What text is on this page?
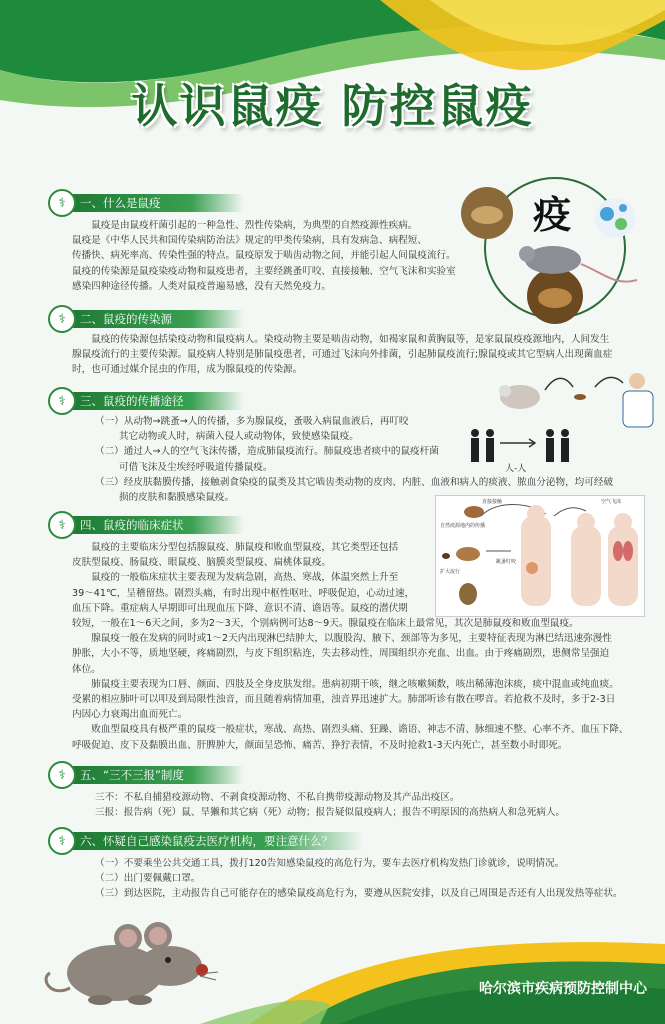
认识鼠疫 防控鼠疫
⚕	一、什么是鼠疫

鼠疫是由鼠疫杆菌引起的一种急性、烈性传染病，为典型的自然疫源性疾病。

鼠疫是《中华人民共和国传染病防治法》规定的甲类传染病，具有发病急、病程短、

传播快、病死率高、传染性强的特点。鼠疫原发于啮齿动物之间，并能引起人间鼠疫流行。

鼠疫的传染源是鼠疫染疫动物和鼠疫患者，主要经跳蚤叮咬、直接接触、空气飞沫和实验室

感染四种途径传播。人类对鼠疫普遍易感，没有天然免疫力。

疫
⚕	二、鼠疫的传染源

鼠疫的传染源包括染疫动物和鼠疫病人。染疫动物主要是啮齿动物，如褐家鼠和黄胸鼠等，是家鼠鼠疫疫源地内，人间发生

腺鼠疫流行的主要传染源。鼠疫病人特别是肺鼠疫患者，可通过飞沫向外排菌，引起肺鼠疫流行;腺鼠疫或其它型病人出现菌血症

时，也可通过媒介昆虫的作用，成为腺鼠疫的传染源。

⚕	三、鼠疫的传播途径

（一）从动物→跳蚤→人的传播，多为腺鼠疫，蚤吸入病鼠血液后，再叮咬

其它动物或人时，病菌入侵人或动物体，致使感染鼠疫。

（二）通过人→人的空气飞沫传播，造成肺鼠疫流行。肺鼠疫患者痰中的鼠疫杆菌

可借飞沫及尘埃经呼吸道传播鼠疫。

（三）经皮肤黏膜传播，接触剥食染疫的鼠类及其它啮齿类动物的皮肉、内脏、血液和病人的痰液、脓血分泌物，均可经破

损的皮肤和黏膜感染鼠疫。

人-人
⚕	四、鼠疫的临床症状

鼠疫的主要临床分型包括腺鼠疫、肺鼠疫和败血型鼠疫，其它类型还包括

皮肤型鼠疫、肠鼠疫、眼鼠疫、脑膜炎型鼠疫、扁桃体鼠疫。

鼠疫的一般临床症状主要表现为发病急剧，高热、寒战，体温突然上升至

39～41℃，呈稽留热。剧烈头痛，有时出现中枢性呕吐、呼吸促迫，心动过速，

血压下降。重症病人早期即可出现血压下降、意识不清、谵语等。鼠疫的潜伏期

较短，一般在1～6天之间，多为2～3天，个别病例可达8～9天。腺鼠疫在临床上最常见，其次是肺鼠疫和败血型鼠疫。

腺鼠疫一般在发病的同时或1～2天内出现淋巴结肿大，以腹股沟、腋下、颈部等为多见，主要特征表现为淋巴结迅速弥漫性

肿胀，大小不等，质地坚硬，疼痛剧烈，与皮下组织粘连，失去移动性，周围组织亦充血、出血。由于疼痛剧烈，患侧常呈强迫

体位。

肺鼠疫主要表现为口唇、颜面、四肢及全身皮肤发绀。患病初期干咳，继之咳嗽频数，咳出稀薄泡沫痰，痰中混血或纯血痰。

受累的相应肺叶可以叩及到局限性浊音，而且随着病情加重，浊音界迅速扩大。肺部听诊有散在啰音。若抢救不及时，多于2-3日

内因心力衰竭出血而死亡。

败血型鼠疫具有极严重的鼠疫一般症状，寒战、高热、剧烈头痛、狂躁、谵语、神志不清、脉细速不整、心率不齐、血压下降、

呼吸促迫、皮下及黏膜出血、肝脾肿大，颜面呈恐怖、痛苦、狰狞表情，不及时抢救1-3天内死亡，甚至数小时即死。

直接接触
自然疫源地内的传播
扩大流行
空气飞沫
跳蚤叮咬
⚕	五、“三不三报”制度

三不：不私自捕猎疫源动物、不剥食疫源动物、不私自携带疫源动物及其产品出疫区。

三报：报告病（死）鼠、旱獭和其它病（死）动物；报告疑似鼠疫病人；报告不明原因的高热病人和急死病人。

⚕	六、怀疑自己感染鼠疫去医疗机构，要注意什么？

（一）不要乘坐公共交通工具，拨打120告知感染鼠疫的高危行为，要车去医疗机构发热门诊就诊，说明情况。

（二）出门要佩戴口罩。

（三）到达医院，主动报告自己可能存在的感染鼠疫高危行为，要遵从医院安排，以及自己周围是否还有人出现发热等症状。

哈尔滨市疾病预防控制中心
